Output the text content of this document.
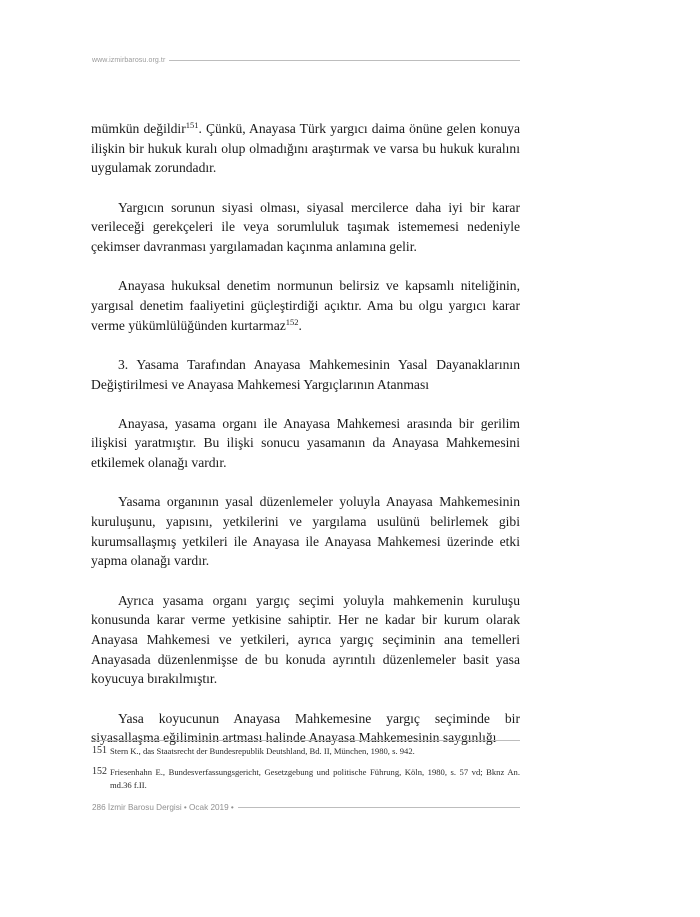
www.izmirbarosu.org.tr

mümkün değildir$^{151}$. Çünkü, Anayasa Türk yargıcı daima önüne gelen konuya ilişkin bir hukuk kuralı olup olmadığını araştırmak ve varsa bu hukuk kuralını uygulamak zorundadır.

Yargıcın sorunun siyasi olması, siyasal mercilerce daha iyi bir karar verileceği gerekçeleri ile veya sorumluluk taşımak istememesi nedeniyle çekimser davranması yargılamadan kaçınma anlamına gelir.

Anayasa hukuksal denetim normunun belirsiz ve kapsamlı niteliğinin, yargısal denetim faaliyetini güçleştirdiği açıktır. Ama bu olgu yargıcı karar verme yükümlülüğünden kurtarmaz$^{152}$.

3. Yasama Tarafından Anayasa Mahkemesinin Yasal Dayanaklarının Değiştirilmesi ve Anayasa Mahkemesi Yargıçlarının Atanması

Anayasa, yasama organı ile Anayasa Mahkemesi arasında bir gerilim ilişkisi yaratmıştır. Bu ilişki sonucu yasamanın da Anayasa Mahkemesini etkilemek olanağı vardır.

Yasama organının yasal düzenlemeler yoluyla Anayasa Mahkemesinin kuruluşunu, yapısını, yetkilerini ve yargılama usulünü belirlemek gibi kurumsallaşmış yetkileri ile Anayasa ile Anayasa Mahkemesi üzerinde etki yapma olanağı vardır.

Ayrıca yasama organı yargıç seçimi yoluyla mahkemenin kuruluşu konusunda karar verme yetkisine sahiptir. Her ne kadar bir kurum olarak Anayasa Mahkemesi ve yetkileri, ayrıca yargıç seçiminin ana temelleri Anayasada düzenlenmişse de bu konuda ayrıntılı düzenlemeler basit yasa koyucuya bırakılmıştır.

Yasa koyucunun Anayasa Mahkemesine yargıç seçiminde bir siyasallaşma eğiliminin artması halinde Anayasa Mahkemesinin saygınlığı

151 Stern K., das Staatsrecht der Bundesrepublik Deutshland, Bd. II, München, 1980, s. 942.
152 Friesenhahn E., Bundesverfassungsgericht, Gesetzgebung und politische Führung, Köln, 1980, s. 57 vd; Bknz An. md.36 f.II.
286 İzmir Barosu Dergisi • Ocak 2019 •
